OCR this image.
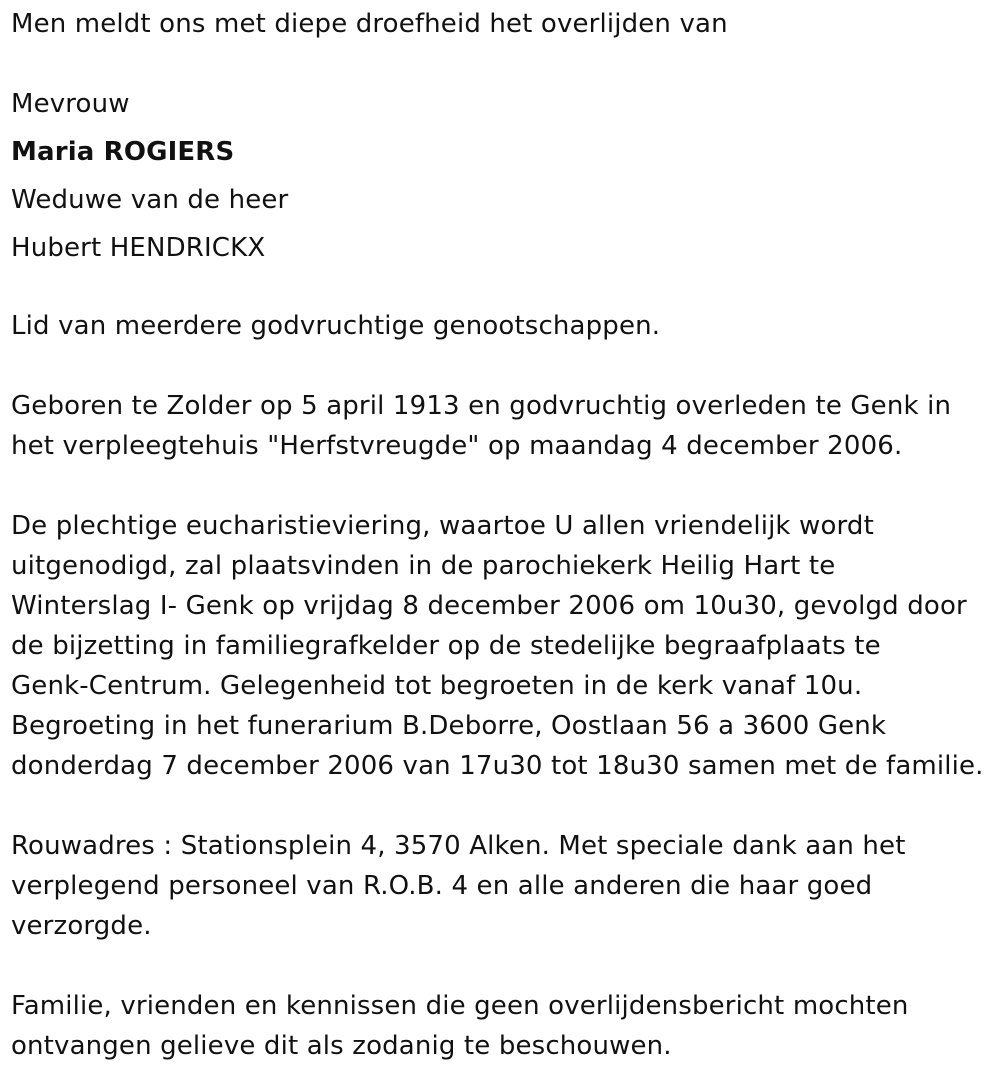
Men meldt ons met diepe droefheid het overlijden van
Mevrouw
Maria ROGIERS
Weduwe van de heer
Hubert HENDRICKX
Lid van meerdere godvruchtige genootschappen.
Geboren te Zolder op 5 april 1913 en godvruchtig overleden te Genk in
het verpleegtehuis "Herfstvreugde" op maandag 4 december 2006.
De plechtige eucharistieviering, waartoe U allen vriendelijk wordt
uitgenodigd, zal plaatsvinden in de parochiekerk Heilig Hart te
Winterslag I- Genk op vrijdag 8 december 2006 om 10u30, gevolgd door
de bijzetting in familiegrafkelder op de stedelijke begraafplaats te
Genk-Centrum. Gelegenheid tot begroeten in de kerk vanaf 10u.
Begroeting in het funerarium B.Deborre, Oostlaan 56 a 3600 Genk
donderdag 7 december 2006 van 17u30 tot 18u30 samen met de familie.
Rouwadres : Stationsplein 4, 3570 Alken. Met speciale dank aan het
verplegend personeel van R.O.B. 4 en alle anderen die haar goed
verzorgde.
Familie, vrienden en kennissen die geen overlijdensbericht mochten
ontvangen gelieve dit als zodanig te beschouwen.
